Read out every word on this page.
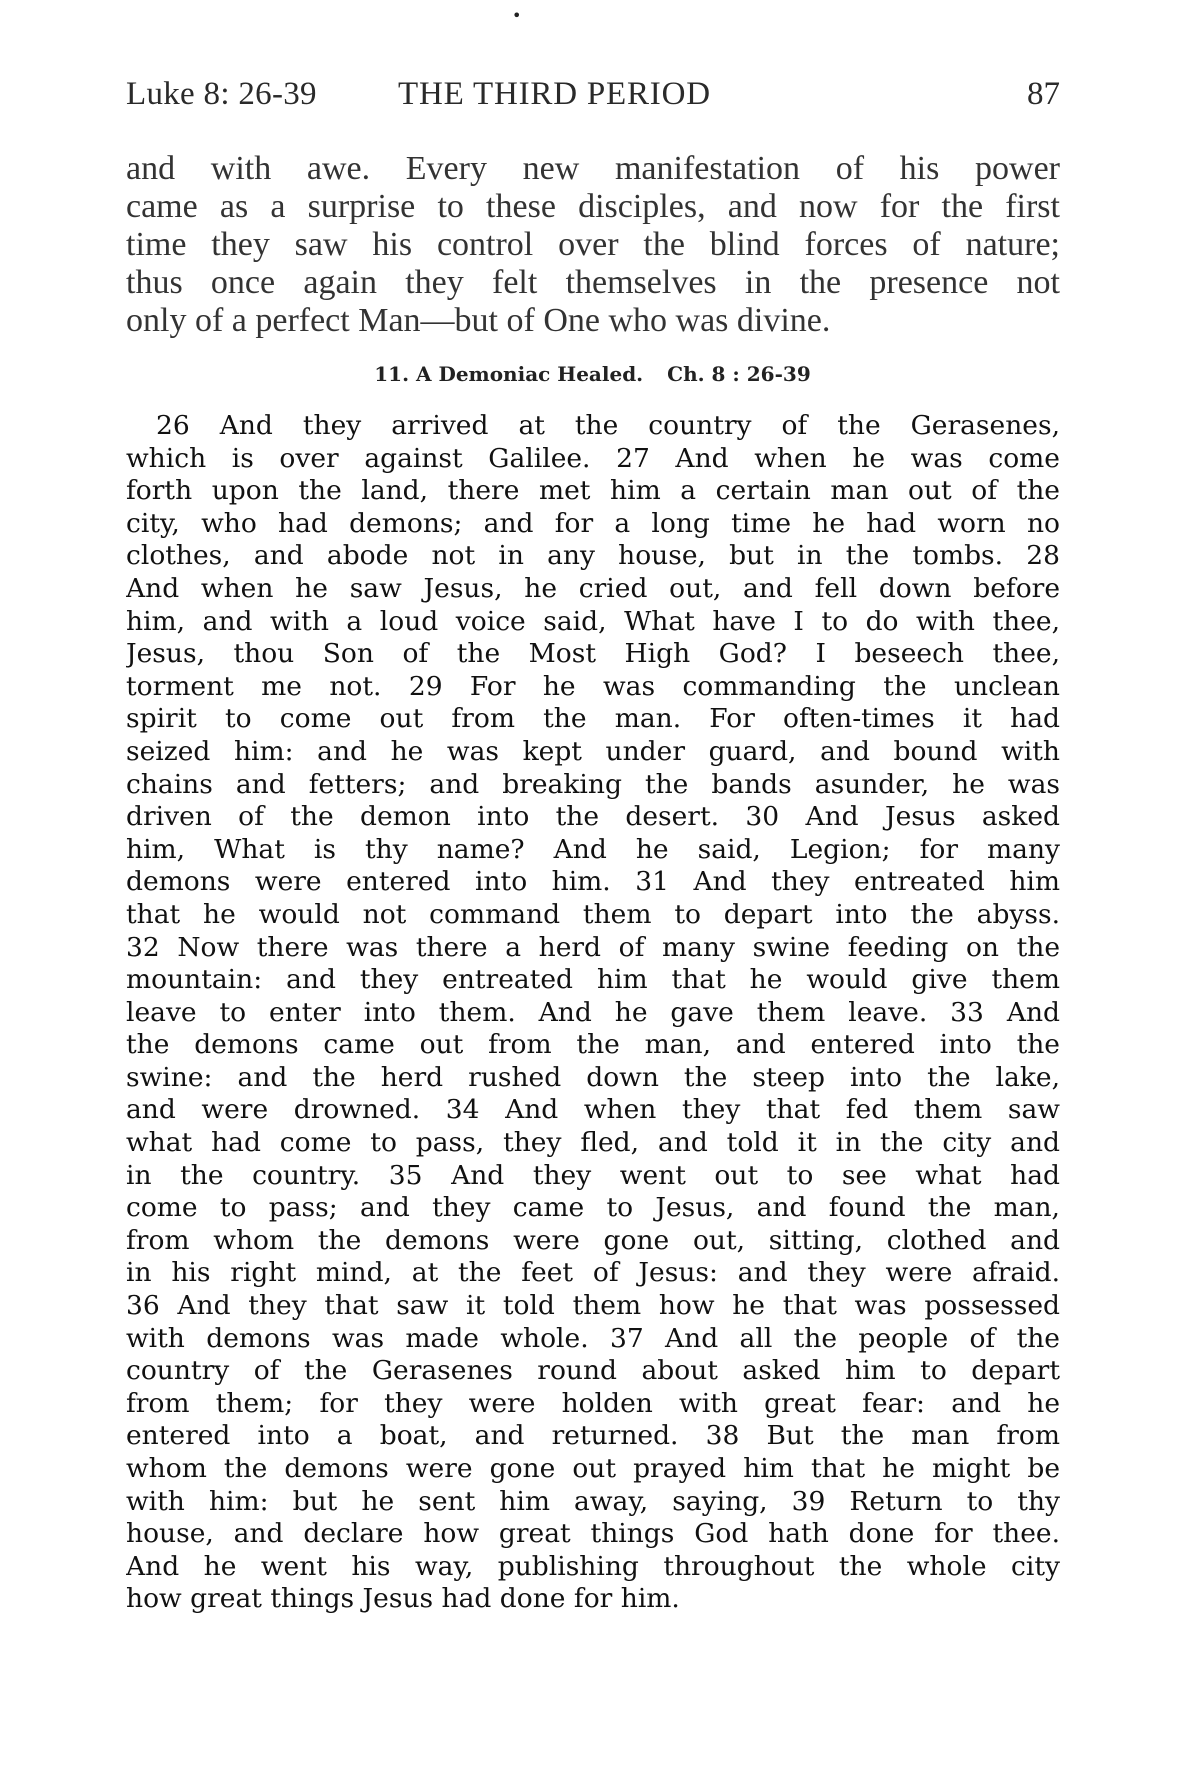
•
Luke 8: 26-39 THE THIRD PERIOD	87
and with awe. Every new manifestation of his power
came as a surprise to these disciples, and now for the first
time they saw his control over the blind forces of nature;
thus once again they felt themselves in the presence not
only of a perfect Man—but of One who was divine.
11. A Demoniac Healed. Ch. 8 : 26-39
26 And they arrived at the country of the Gerasenes,
which is over against Galilee. 27 And when he was come
forth upon the land, there met him a certain man out of the
city, who had demons; and for a long time he had worn no
clothes, and abode not in any house, but in the tombs. 28
And when he saw Jesus, he cried out, and fell down before
him, and with a loud voice said, What have I to do with thee,
Jesus, thou Son of the Most High God? I beseech thee,
torment me not. 29 For he was commanding the unclean
spirit to come out from the man. For often-times it had
seized him: and he was kept under guard, and bound with
chains and fetters; and breaking the bands asunder, he was
driven of the demon into the desert. 30 And Jesus asked
him, What is thy name? And he said, Legion; for many
demons were entered into him. 31 And they entreated him
that he would not command them to depart into the abyss.
32 Now there was there a herd of many swine feeding on the
mountain: and they entreated him that he would give them
leave to enter into them. And he gave them leave. 33 And
the demons came out from the man, and entered into the
swine: and the herd rushed down the steep into the lake,
and were drowned. 34 And when they that fed them saw
what had come to pass, they fled, and told it in the city and
in the country. 35 And they went out to see what had
come to pass; and they came to Jesus, and found the man,
from whom the demons were gone out, sitting, clothed and
in his right mind, at the feet of Jesus: and they were afraid.
36 And they that saw it told them how he that was possessed
with demons was made whole. 37 And all the people of the
country of the Gerasenes round about asked him to depart
from them; for they were holden with great fear: and he
entered into a boat, and returned. 38 But the man from
whom the demons were gone out prayed him that he might be
with him: but he sent him away, saying, 39 Return to thy
house, and declare how great things God hath done for thee.
And he went his way, publishing throughout the whole city
how great things Jesus had done for him.
